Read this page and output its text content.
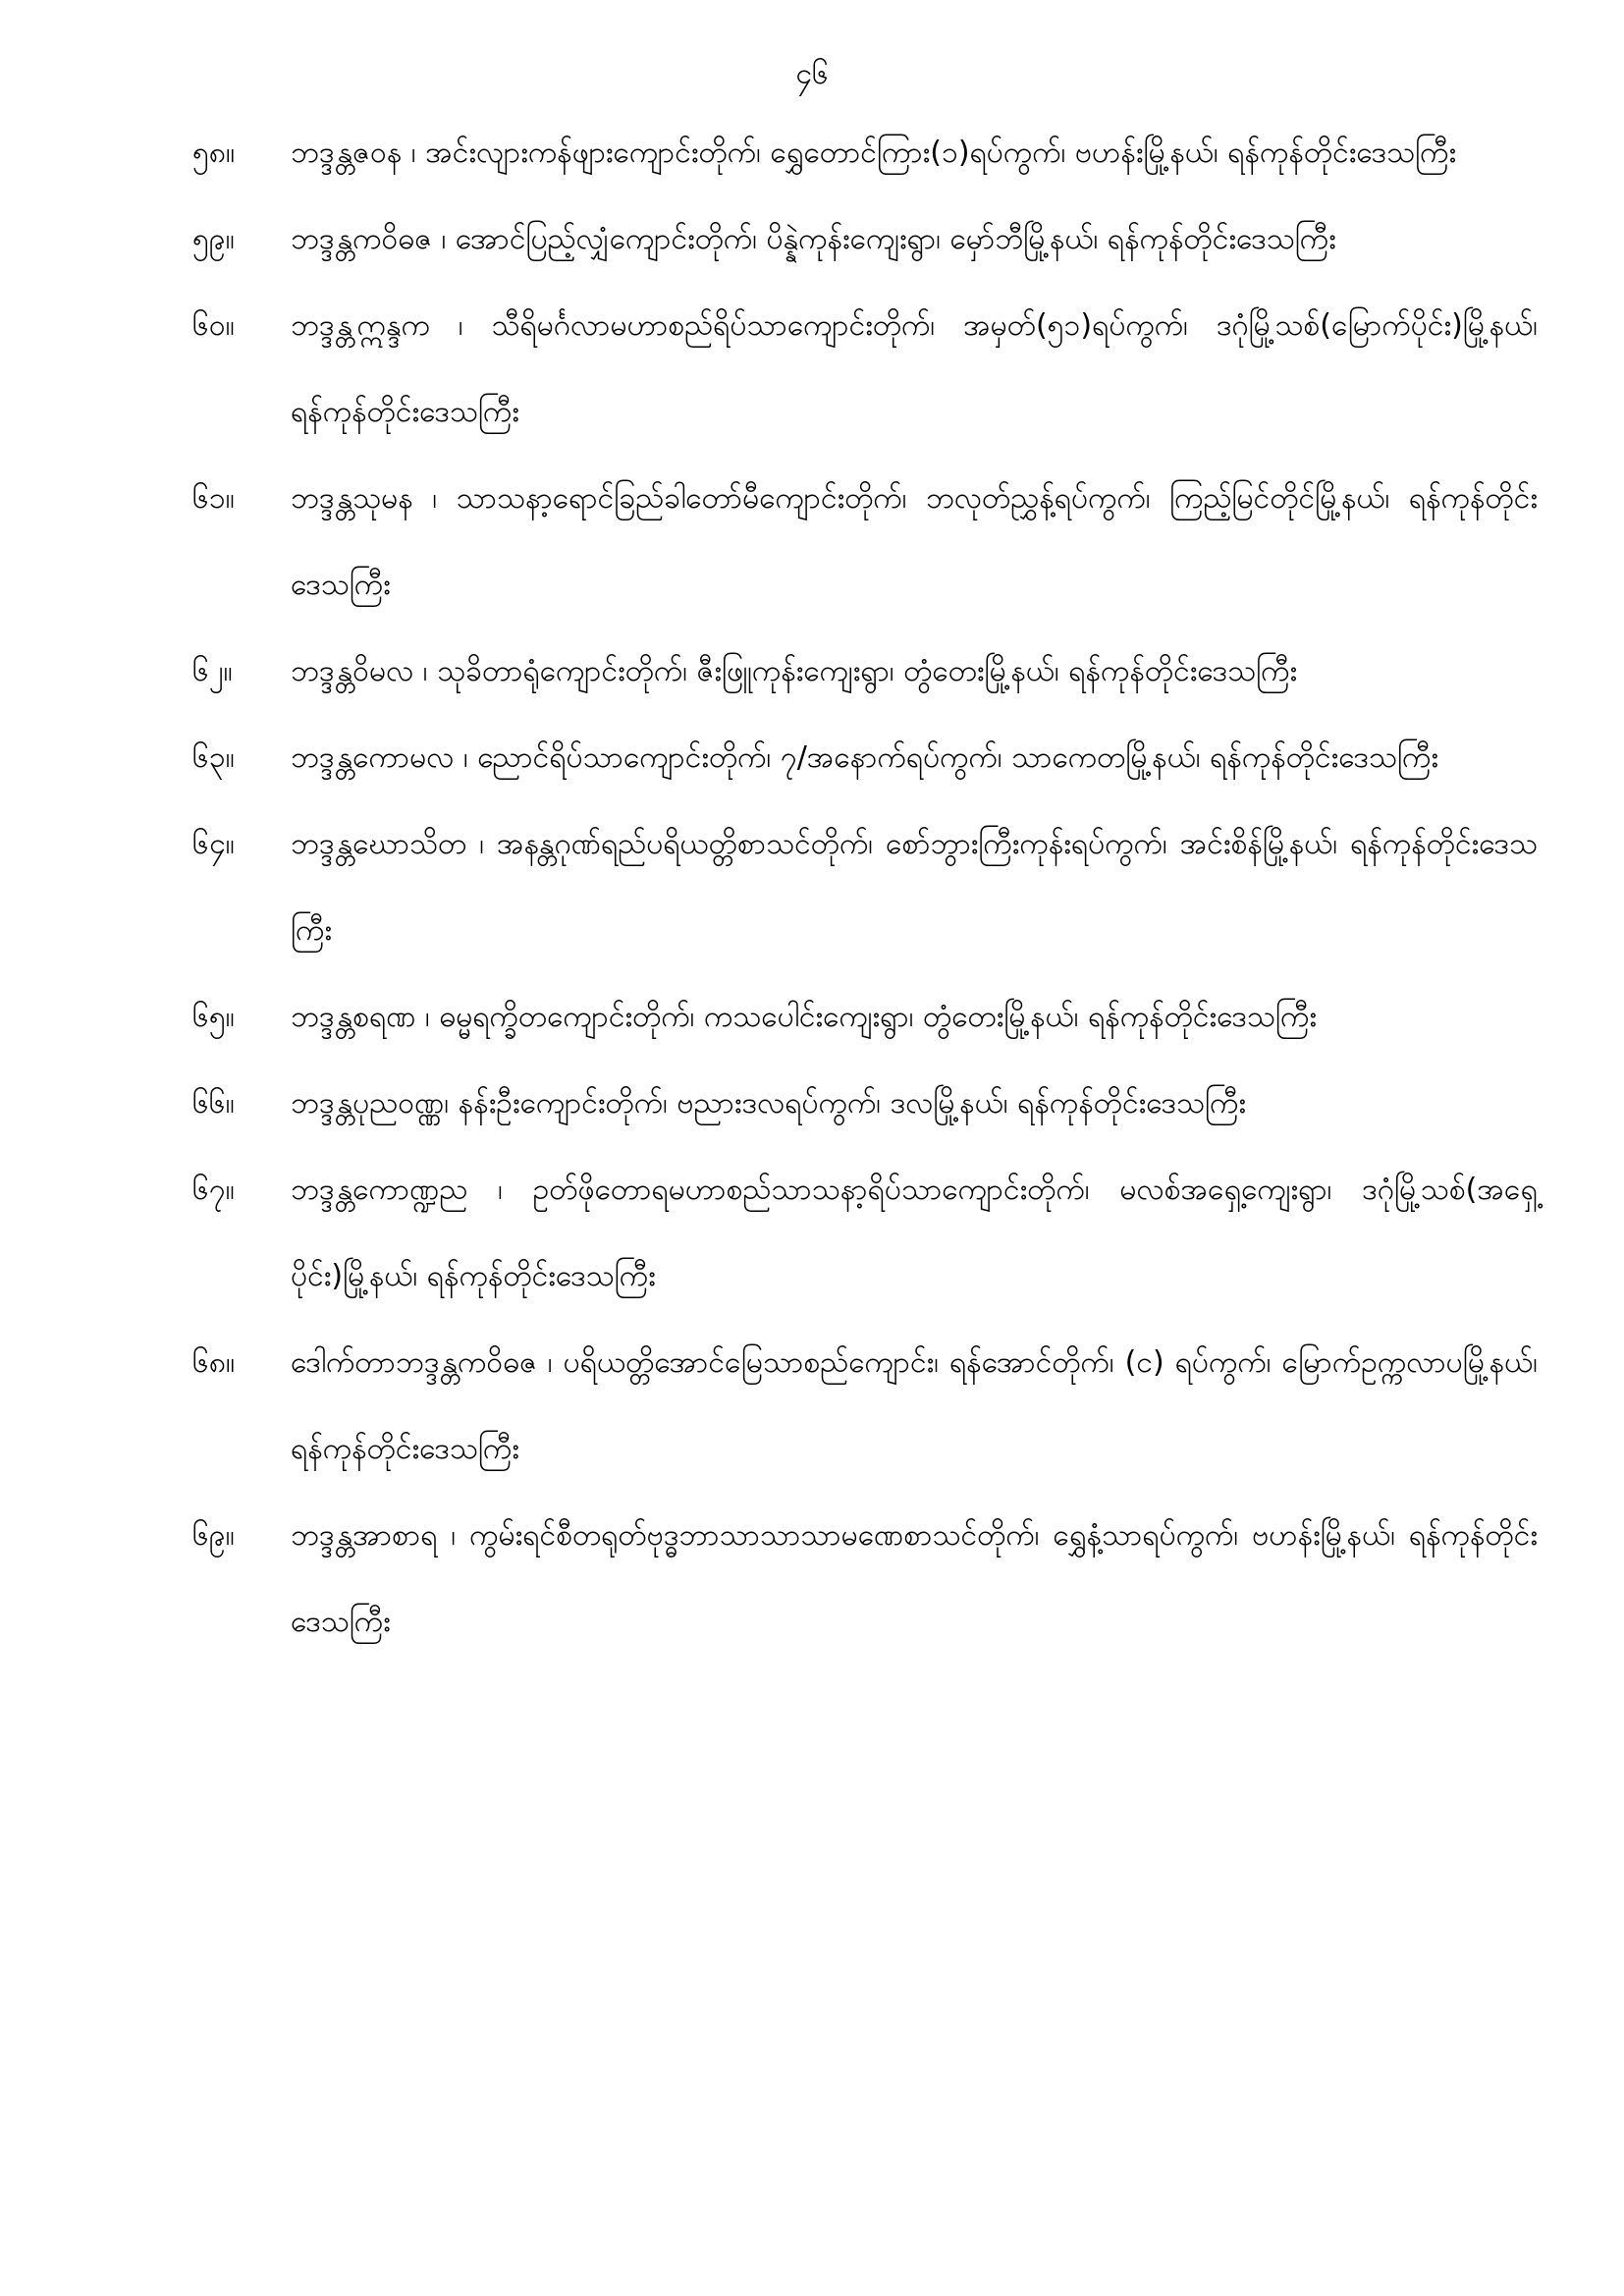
၄၆
၅၈။	ဘဒ္ဒန္တဇဝန ၊ အင်းလျားကန်ဖျားကျောင်းတိုက်၊ ရွှေတောင်ကြား(၁)ရပ်ကွက်၊ ဗဟန်းမြို့နယ်၊ ရန်ကုန်တိုင်းဒေသကြီး
၅၉။	ဘဒ္ဒန္တကဝိဓဇ ၊ အောင်ပြည့်လျှံကျောင်းတိုက်၊ ပိန္နဲကုန်းကျေးရွာ၊ မှော်ဘီမြို့နယ်၊ ရန်ကုန်တိုင်းဒေသကြီး
၆၀။	ဘဒ္ဒန္တဣန္ဒက ၊ သီရိမင်္ဂလာမဟာစည်ရိပ်သာကျောင်းတိုက်၊ အမှတ်(၅၁)ရပ်ကွက်၊ ဒဂုံမြို့သစ်(မြောက်ပိုင်း)မြို့နယ်၊ ရန်ကုန်တိုင်းဒေသကြီး
၆၁။	ဘဒ္ဒန္တသုမန ၊ သာသနာ့ရောင်ခြည်ခါတော်မီကျောင်းတိုက်၊ ဘလုတ်ညွှန့်ရပ်ကွက်၊ ကြည့်မြင်တိုင်မြို့နယ်၊ ရန်ကုန်တိုင်းဒေသကြီး
၆၂။	ဘဒ္ဒန္တဝိမလ ၊ သုခိတာရုံကျောင်းတိုက်၊ ဇီးဖြူကုန်းကျေးရွာ၊ တွံတေးမြို့နယ်၊ ရန်ကုန်တိုင်းဒေသကြီး
၆၃။	ဘဒ္ဒန္တကောမလ ၊ ညောင်ရိပ်သာကျောင်းတိုက်၊ ၇/အနောက်ရပ်ကွက်၊ သာကေတမြို့နယ်၊ ရန်ကုန်တိုင်းဒေသကြီး
၆၄။	ဘဒ္ဒန္တဃောသိတ ၊ အနန္တဂုဏ်ရည်ပရိယတ္တိစာသင်တိုက်၊ စော်ဘွားကြီးကုန်းရပ်ကွက်၊ အင်းစိန်မြို့နယ်၊ ရန်ကုန်တိုင်းဒေသကြီး
၆၅။	ဘဒ္ဒန္တစရဏ ၊ ဓမ္မရက္ခိတကျောင်းတိုက်၊ ကသပေါင်းကျေးရွာ၊ တွံတေးမြို့နယ်၊ ရန်ကုန်တိုင်းဒေသကြီး
၆၆။	ဘဒ္ဒန္တပုညဝဏ္ဏ၊ နန်းဦးကျောင်းတိုက်၊ ဗညားဒလရပ်ကွက်၊ ဒလမြို့နယ်၊ ရန်ကုန်တိုင်းဒေသကြီး
၆၇။	ဘဒ္ဒန္တကောဏ္ဍည ၊ ဥတ်ဖိုတောရမဟာစည်သာသနာ့ရိပ်သာကျောင်းတိုက်၊ မလစ်အရှေ့ကျေးရွာ၊ ဒဂုံမြို့သစ်(အရှေ့ပိုင်း)မြို့နယ်၊ ရန်ကုန်တိုင်းဒေသကြီး
၆၈။	ဒေါက်တာဘဒ္ဒန္တကဝိဓဇ ၊ ပရိယတ္တိအောင်မြေသာစည်ကျောင်း၊ ရန်အောင်တိုက်၊ (င) ရပ်ကွက်၊ မြောက်ဥက္ကလာပမြို့နယ်၊ ရန်ကုန်တိုင်းဒေသကြီး
၆၉။	ဘဒ္ဒန္တအာစာရ ၊ ကွမ်းရင်စီတရုတ်ဗုဒ္ဓဘာသာသာသာမဏေစာသင်တိုက်၊ ရွှေနံ့သာရပ်ကွက်၊ ဗဟန်းမြို့နယ်၊ ရန်ကုန်တိုင်းဒေသကြီး
